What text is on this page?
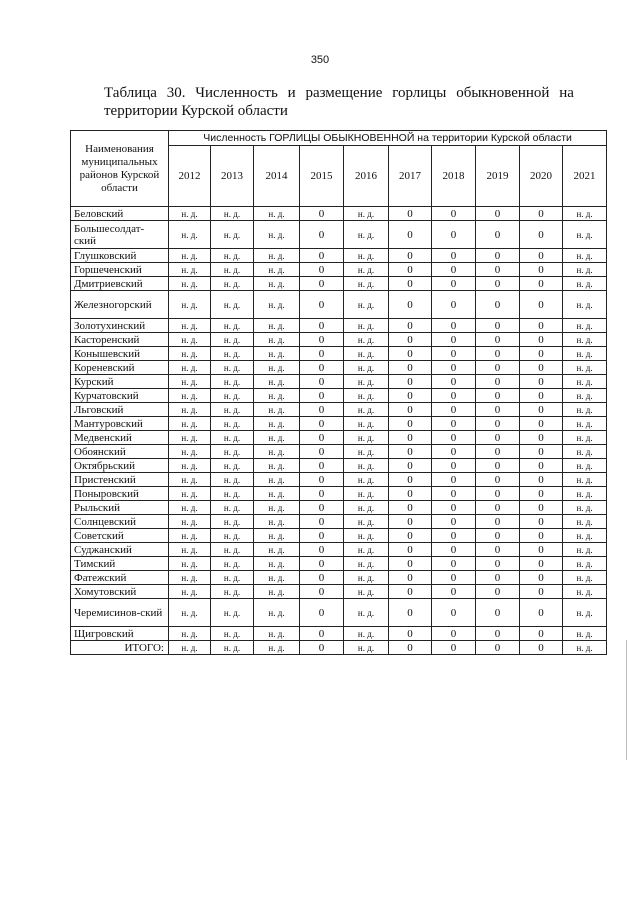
350
Таблица 30. Численность и размещение горлицы обыкновенной на
территории Курской области
Наименования муниципальных районов Курской области	Численность ГОРЛИЦЫ ОБЫКНОВЕННОЙ на территории Курской области									
	2012	2013	2014	2015	2016	2017	2018	2019	2020	2021
Беловский	н. д.	н. д.	н. д.	0	н. д.	0	0	0	0	н. д.
Большесолдат-ский	н. д.	н. д.	н. д.	0	н. д.	0	0	0	0	н. д.
Глушковский	н. д.	н. д.	н. д.	0	н. д.	0	0	0	0	н. д.
Горшеченский	н. д.	н. д.	н. д.	0	н. д.	0	0	0	0	н. д.
Дмитриевский	н. д.	н. д.	н. д.	0	н. д.	0	0	0	0	н. д.
Железногорский	н. д.	н. д.	н. д.	0	н. д.	0	0	0	0	н. д.
Золотухинский	н. д.	н. д.	н. д.	0	н. д.	0	0	0	0	н. д.
Касторенский	н. д.	н. д.	н. д.	0	н. д.	0	0	0	0	н. д.
Конышевский	н. д.	н. д.	н. д.	0	н. д.	0	0	0	0	н. д.
Кореневский	н. д.	н. д.	н. д.	0	н. д.	0	0	0	0	н. д.
Курский	н. д.	н. д.	н. д.	0	н. д.	0	0	0	0	н. д.
Курчатовский	н. д.	н. д.	н. д.	0	н. д.	0	0	0	0	н. д.
Льговский	н. д.	н. д.	н. д.	0	н. д.	0	0	0	0	н. д.
Мантуровский	н. д.	н. д.	н. д.	0	н. д.	0	0	0	0	н. д.
Медвенский	н. д.	н. д.	н. д.	0	н. д.	0	0	0	0	н. д.
Обоянский	н. д.	н. д.	н. д.	0	н. д.	0	0	0	0	н. д.
Октябрьский	н. д.	н. д.	н. д.	0	н. д.	0	0	0	0	н. д.
Пристенский	н. д.	н. д.	н. д.	0	н. д.	0	0	0	0	н. д.
Поныровский	н. д.	н. д.	н. д.	0	н. д.	0	0	0	0	н. д.
Рыльский	н. д.	н. д.	н. д.	0	н. д.	0	0	0	0	н. д.
Солнцевский	н. д.	н. д.	н. д.	0	н. д.	0	0	0	0	н. д.
Советский	н. д.	н. д.	н. д.	0	н. д.	0	0	0	0	н. д.
Суджанский	н. д.	н. д.	н. д.	0	н. д.	0	0	0	0	н. д.
Тимский	н. д.	н. д.	н. д.	0	н. д.	0	0	0	0	н. д.
Фатежский	н. д.	н. д.	н. д.	0	н. д.	0	0	0	0	н. д.
Хомутовский	н. д.	н. д.	н. д.	0	н. д.	0	0	0	0	н. д.
Черемисинов-ский	н. д.	н. д.	н. д.	0	н. д.	0	0	0	0	н. д.
Щигровский	н. д.	н. д.	н. д.	0	н. д.	0	0	0	0	н. д.
ИТОГО:	н. д.	н. д.	н. д.	0	н. д.	0	0	0	0	н. д.
